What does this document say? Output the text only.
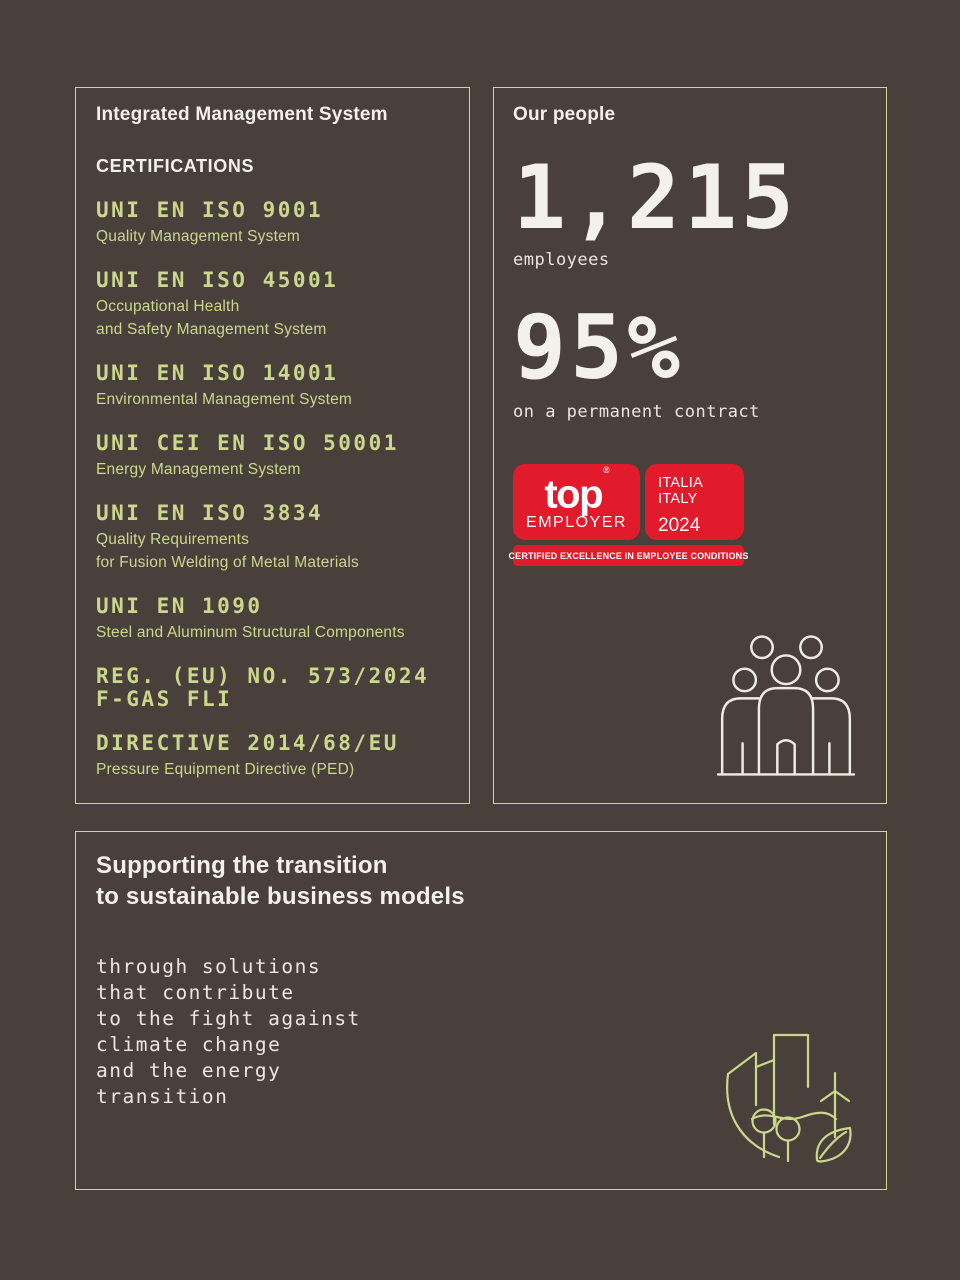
Integrated Management System
CERTIFICATIONS
UNI EN ISO 9001
Quality Management System
UNI EN ISO 45001
Occupational Health
and Safety Management System
UNI EN ISO 14001
Environmental Management System
UNI CEI EN ISO 50001
Energy Management System
UNI EN ISO 3834
Quality Requirements
for Fusion Welding of Metal Materials
UNI EN 1090
Steel and Aluminum Structural Components
REG. (EU) NO. 573/2024
F-GAS FLI
DIRECTIVE 2014/68/EU
Pressure Equipment Directive (PED)
Our people
1,215
employees
95%
on a permanent contract
top®
EMPLOYER
ITALIA
ITALY
2024
CERTIFIED EXCELLENCE IN EMPLOYEE CONDITIONS
Supporting the transition
to sustainable business models
through solutions
that contribute
to the fight against
climate change
and the energy
transition
